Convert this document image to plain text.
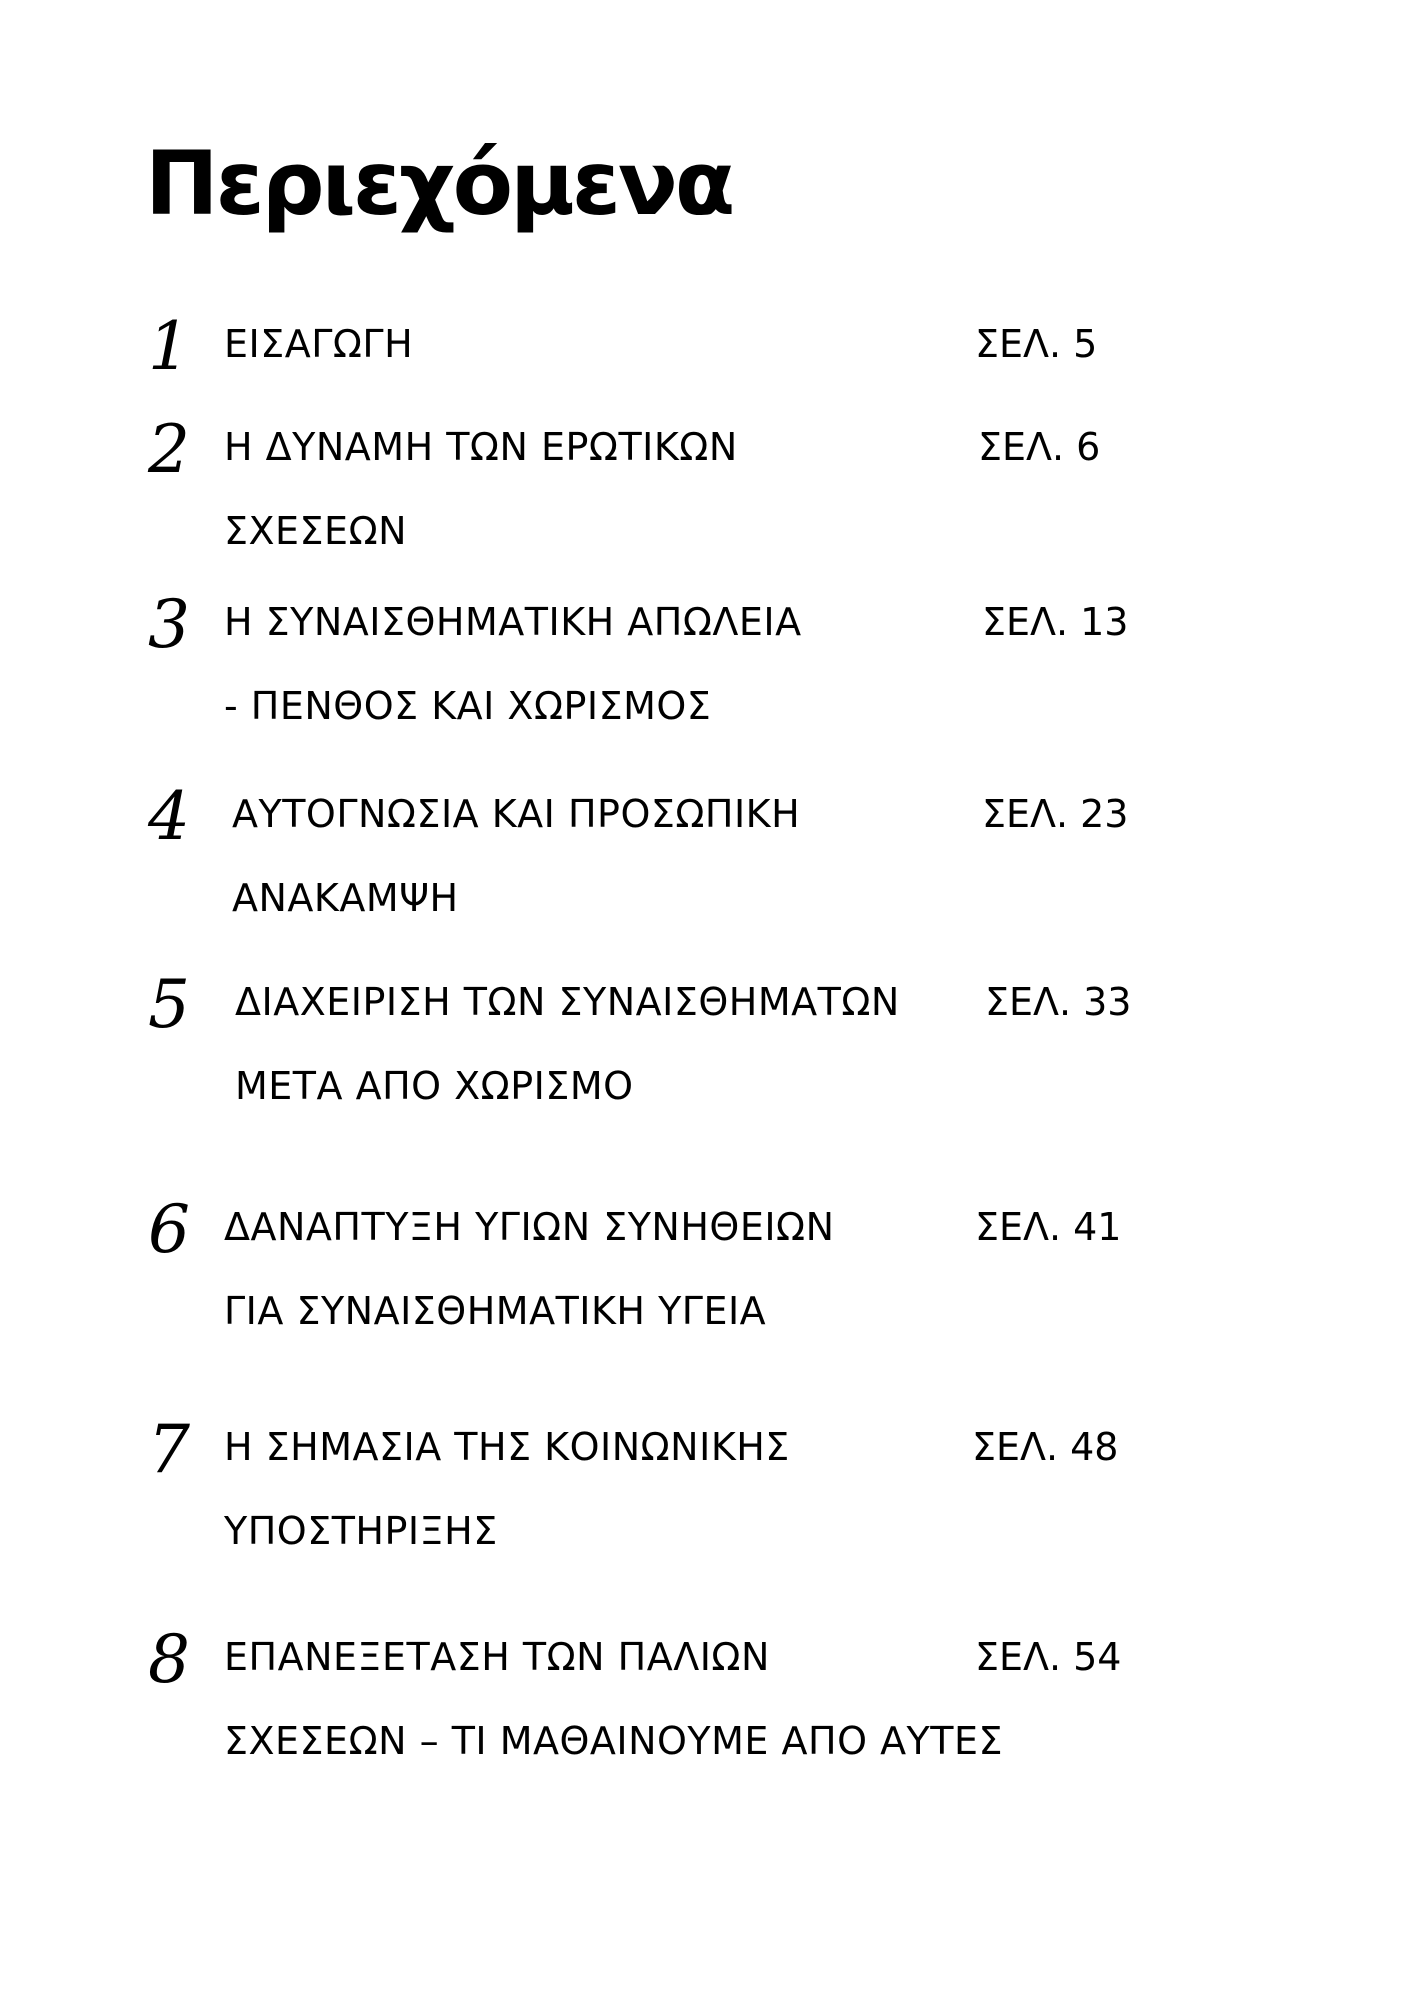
Περιεχόμενα
1 ΕΙΣΑΓΩΓΗ	ΣΕΛ. 5
2 Η ΔΥΝΑΜΗ ΤΩΝ ΕΡΩΤΙΚΩΝ
ΣΧΕΣΕΩΝ
ΣΕΛ. 6
3 Η ΣΥΝΑΙΣΘΗΜΑΤΙΚΗ ΑΠΩΛΕΙΑ
- ΠΕΝΘΟΣ ΚΑΙ ΧΩΡΙΣΜΟΣ
ΣΕΛ. 13
4 ΑΥΤΟΓΝΩΣΙΑ ΚΑΙ ΠΡΟΣΩΠΙΚΗ
ΑΝΑΚΑΜΨΗ
ΣΕΛ. 23
5 ΔΙΑΧΕΙΡΙΣΗ ΤΩΝ ΣΥΝΑΙΣΘΗΜΑΤΩΝ
ΜΕΤΑ ΑΠΟ ΧΩΡΙΣΜΟ
ΣΕΛ. 33
6 ΔΑΝΑΠΤΥΞΗ ΥΓΙΩΝ ΣΥΝΗΘΕΙΩΝ
ΓΙΑ ΣΥΝΑΙΣΘΗΜΑΤΙΚΗ ΥΓΕΙΑ
ΣΕΛ. 41
7 Η ΣΗΜΑΣΙΑ ΤΗΣ ΚΟΙΝΩΝΙΚΗΣ
ΥΠΟΣΤΗΡΙΞΗΣ
ΣΕΛ. 48
8 ΕΠΑΝΕΞΕΤΑΣΗ ΤΩΝ ΠΑΛΙΩΝ
ΣΧΕΣΕΩΝ – ΤΙ ΜΑΘΑΙΝΟΥΜΕ ΑΠΟ ΑΥΤΕΣ
ΣΕΛ. 54
